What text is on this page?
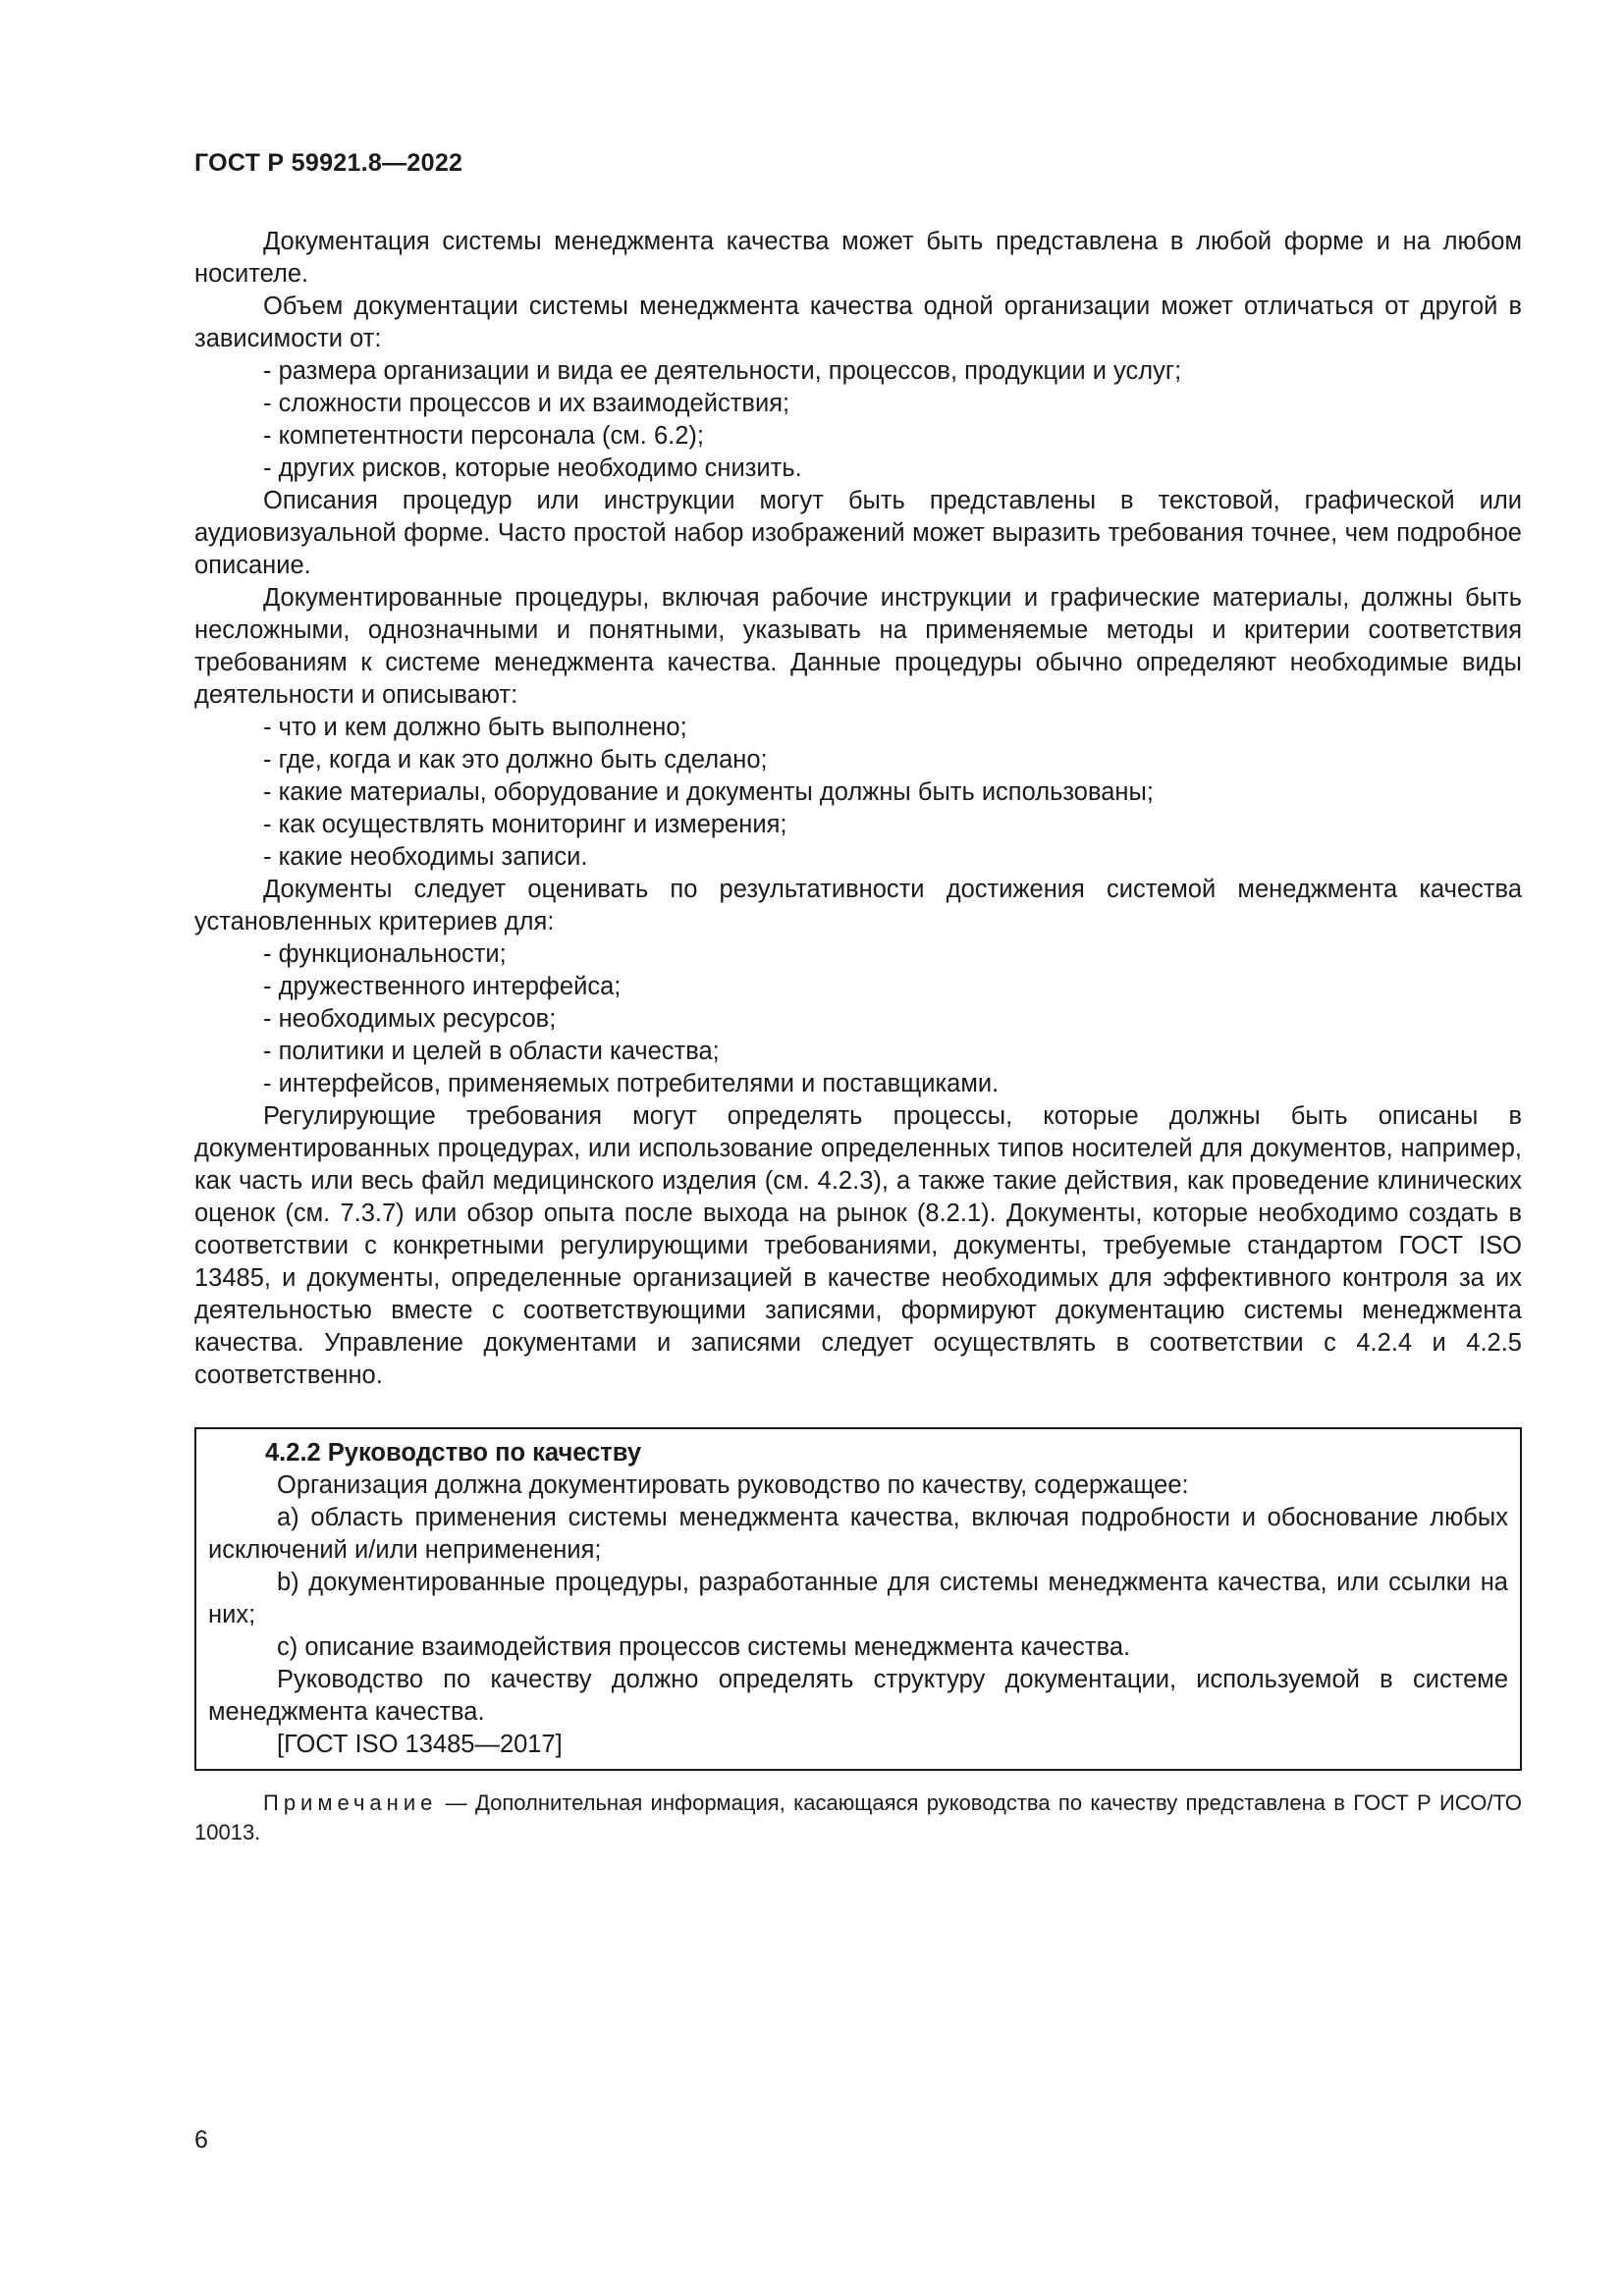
ГОСТ Р 59921.8—2022

Документация системы менеджмента качества может быть представлена в любой форме и на любом носителе.

Объем документации системы менеджмента качества одной организации может отличаться от другой в зависимости от:

- размера организации и вида ее деятельности, процессов, продукции и услуг;

- сложности процессов и их взаимодействия;

- компетентности персонала (см. 6.2);

- других рисков, которые необходимо снизить.

Описания процедур или инструкции могут быть представлены в текстовой, графической или аудиовизуальной форме. Часто простой набор изображений может выразить требования точнее, чем подробное описание.

Документированные процедуры, включая рабочие инструкции и графические материалы, должны быть несложными, однозначными и понятными, указывать на применяемые методы и критерии соответствия требованиям к системе менеджмента качества. Данные процедуры обычно определяют необходимые виды деятельности и описывают:

- что и кем должно быть выполнено;

- где, когда и как это должно быть сделано;

- какие материалы, оборудование и документы должны быть использованы;

- как осуществлять мониторинг и измерения;

- какие необходимы записи.

Документы следует оценивать по результативности достижения системой менеджмента качества установленных критериев для:

- функциональности;

- дружественного интерфейса;

- необходимых ресурсов;

- политики и целей в области качества;

- интерфейсов, применяемых потребителями и поставщиками.

Регулирующие требования могут определять процессы, которые должны быть описаны в документированных процедурах, или использование определенных типов носителей для документов, например, как часть или весь файл медицинского изделия (см. 4.2.3), а также такие действия, как проведение клинических оценок (см. 7.3.7) или обзор опыта после выхода на рынок (8.2.1). Документы, которые необходимо создать в соответствии с конкретными регулирующими требованиями, документы, требуемые стандартом ГОСТ ISO 13485, и документы, определенные организацией в качестве необходимых для эффективного контроля за их деятельностью вместе с соответствующими записями, формируют документацию системы менеджмента качества. Управление документами и записями следует осуществлять в соответствии с 4.2.4 и 4.2.5 соответственно.

4.2.2 Руководство по качеству

Организация должна документировать руководство по качеству, содержащее:

a) область применения системы менеджмента качества, включая подробности и обоснование любых исключений и/или неприменения;

b) документированные процедуры, разработанные для системы менеджмента качества, или ссылки на них;

c) описание взаимодействия процессов системы менеджмента качества.

Руководство по качеству должно определять структуру документации, используемой в системе менеджмента качества.

[ГОСТ ISO 13485—2017]

Примечание — Дополнительная информация, касающаяся руководства по качеству представлена в ГОСТ Р ИСО/ТО 10013.

6
